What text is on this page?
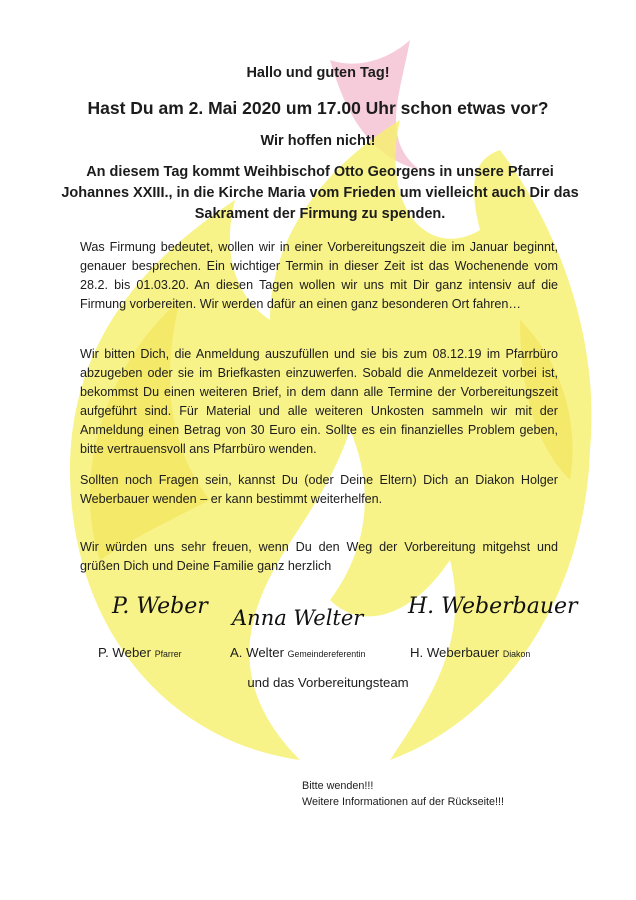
Hallo und guten Tag!
Hast Du am 2. Mai 2020 um 17.00 Uhr schon etwas vor?
Wir hoffen nicht!
An diesem Tag kommt Weihbischof Otto Georgens in unsere Pfarrei Johannes XXIII., in die Kirche Maria vom Frieden um vielleicht auch Dir das Sakrament der Firmung zu spenden.
Was Firmung bedeutet, wollen wir in einer Vorbereitungszeit die im Januar beginnt, genauer besprechen. Ein wichtiger Termin in dieser Zeit ist das Wochenende vom 28.2. bis 01.03.20. An diesen Tagen wollen wir uns mit Dir ganz intensiv auf die Firmung vorbereiten. Wir werden dafür an einen ganz besonderen Ort fahren…
Wir bitten Dich, die Anmeldung auszufüllen und sie bis zum 08.12.19 im Pfarrbüro abzugeben oder sie im Briefkasten einzuwerfen. Sobald die Anmeldezeit vorbei ist, bekommst Du einen weiteren Brief, in dem dann alle Termine der Vorbereitungszeit aufgeführt sind. Für Material und alle weiteren Unkosten sammeln wir mit der Anmeldung einen Betrag von 30 Euro ein. Sollte es ein finanzielles Problem geben, bitte vertrauensvoll ans Pfarrbüro wenden.
Sollten noch Fragen sein, kannst Du (oder Deine Eltern) Dich an Diakon Holger Weberbauer wenden – er kann bestimmt weiterhelfen.
Wir würden uns sehr freuen, wenn Du den Weg der Vorbereitung mitgehst und grüßen Dich und Deine Familie ganz herzlich
P. Weber Anna Welter H. Weberbauer
P. Weber Pfarrer	A. Welter Gemeindereferentin	H. Weberbauer Diakon
und das Vorbereitungsteam
Bitte wenden!!!
Weitere Informationen auf der Rückseite!!!
